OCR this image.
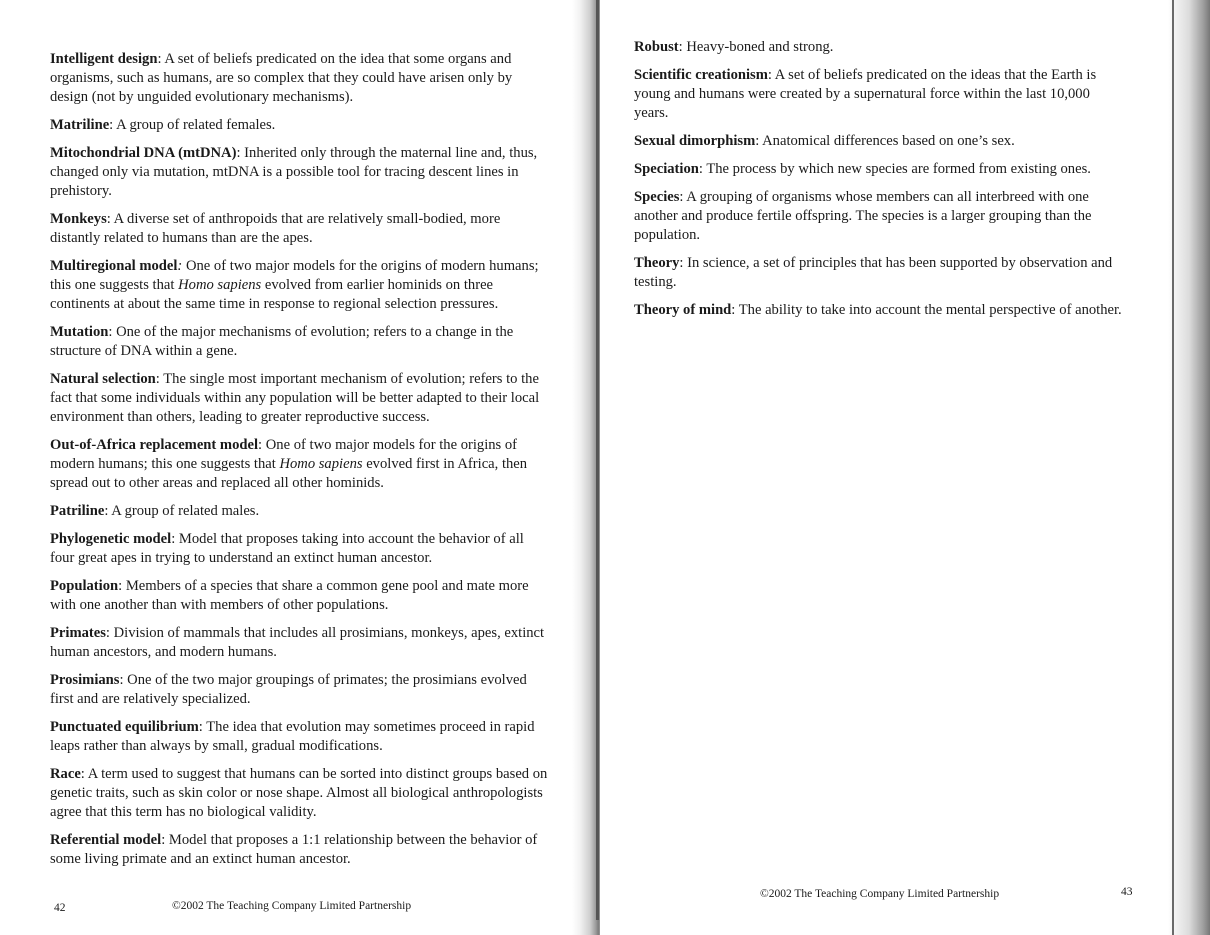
Intelligent design: A set of beliefs predicated on the idea that some organs and organisms, such as humans, are so complex that they could have arisen only by design (not by unguided evolutionary mechanisms).
Matriline: A group of related females.
Mitochondrial DNA (mtDNA): Inherited only through the maternal line and, thus, changed only via mutation, mtDNA is a possible tool for tracing descent lines in prehistory.
Monkeys: A diverse set of anthropoids that are relatively small-bodied, more distantly related to humans than are the apes.
Multiregional model: One of two major models for the origins of modern humans; this one suggests that Homo sapiens evolved from earlier hominids on three continents at about the same time in response to regional selection pressures.
Mutation: One of the major mechanisms of evolution; refers to a change in the structure of DNA within a gene.
Natural selection: The single most important mechanism of evolution; refers to the fact that some individuals within any population will be better adapted to their local environment than others, leading to greater reproductive success.
Out-of-Africa replacement model: One of two major models for the origins of modern humans; this one suggests that Homo sapiens evolved first in Africa, then spread out to other areas and replaced all other hominids.
Patriline: A group of related males.
Phylogenetic model: Model that proposes taking into account the behavior of all four great apes in trying to understand an extinct human ancestor.
Population: Members of a species that share a common gene pool and mate more with one another than with members of other populations.
Primates: Division of mammals that includes all prosimians, monkeys, apes, extinct human ancestors, and modern humans.
Prosimians: One of the two major groupings of primates; the prosimians evolved first and are relatively specialized.
Punctuated equilibrium: The idea that evolution may sometimes proceed in rapid leaps rather than always by small, gradual modifications.
Race: A term used to suggest that humans can be sorted into distinct groups based on genetic traits, such as skin color or nose shape. Almost all biological anthropologists agree that this term has no biological validity.
Referential model: Model that proposes a 1:1 relationship between the behavior of some living primate and an extinct human ancestor.
42	©2002 The Teaching Company Limited Partnership
Robust: Heavy-boned and strong.
Scientific creationism: A set of beliefs predicated on the ideas that the Earth is young and humans were created by a supernatural force within the last 10,000 years.
Sexual dimorphism: Anatomical differences based on one’s sex.
Speciation: The process by which new species are formed from existing ones.
Species: A grouping of organisms whose members can all interbreed with one another and produce fertile offspring. The species is a larger grouping than the population.
Theory: In science, a set of principles that has been supported by observation and testing.
Theory of mind: The ability to take into account the mental perspective of another.
©2002 The Teaching Company Limited Partnership	43
